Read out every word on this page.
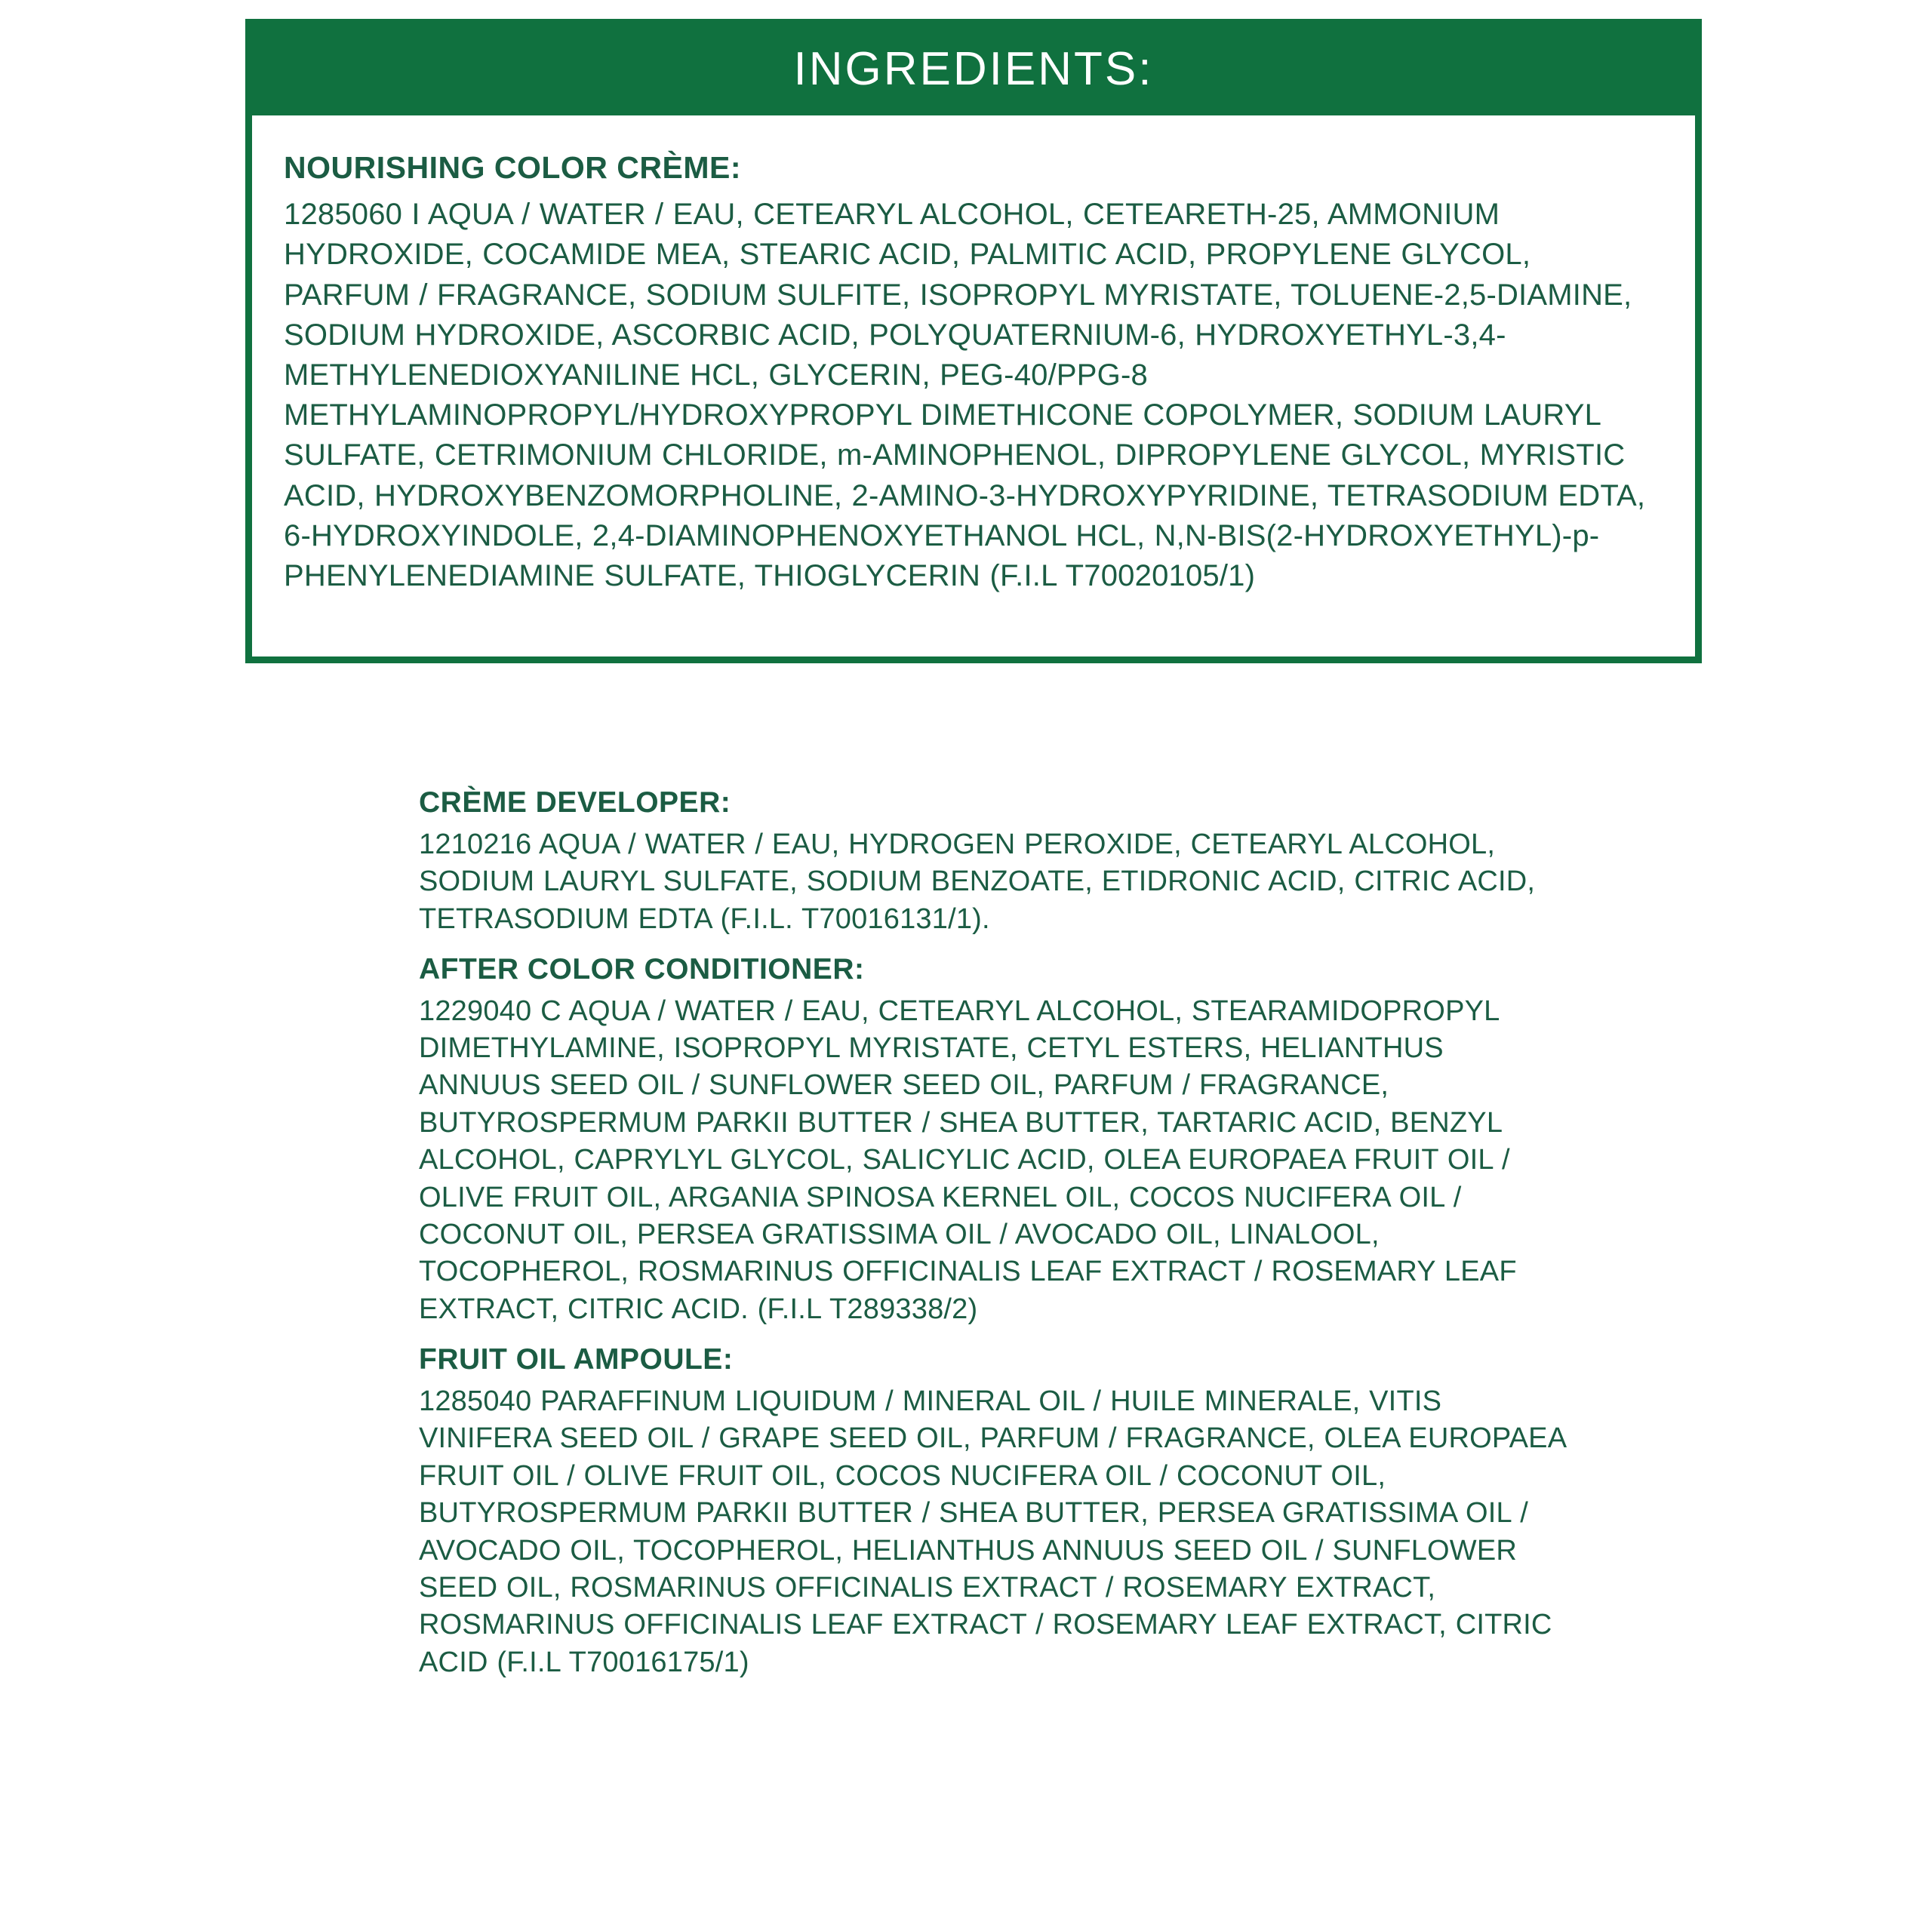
INGREDIENTS:
NOURISHING COLOR CRÈME:
1285060 I AQUA / WATER / EAU, CETEARYL ALCOHOL, CETEARETH-25, AMMONIUM HYDROXIDE, COCAMIDE MEA, STEARIC ACID, PALMITIC ACID, PROPYLENE GLYCOL, PARFUM / FRAGRANCE, SODIUM SULFITE, ISOPROPYL MYRISTATE, TOLUENE-2,5-DIAMINE, SODIUM HYDROXIDE, ASCORBIC ACID, POLYQUATERNIUM-6, HYDROXYETHYL-3,4-METHYLENEDIOXYANILINE HCL, GLYCERIN, PEG-40/PPG-8 METHYLAMINOPROPYL/HYDROXYPROPYL DIMETHICONE COPOLYMER, SODIUM LAURYL SULFATE, CETRIMONIUM CHLORIDE, m-AMINOPHENOL, DIPROPYLENE GLYCOL, MYRISTIC ACID, HYDROXYBENZOMORPHOLINE, 2-AMINO-3-HYDROXYPYRIDINE, TETRASODIUM EDTA, 6-HYDROXYINDOLE, 2,4-DIAMINOPHENOXYETHANOL HCL, N,N-BIS(2-HYDROXYETHYL)-p-PHENYLENEDIAMINE SULFATE, THIOGLYCERIN (F.I.L T70020105/1)
CRÈME DEVELOPER:
1210216 AQUA / WATER / EAU, HYDROGEN PEROXIDE, CETEARYL ALCOHOL, SODIUM LAURYL SULFATE, SODIUM BENZOATE, ETIDRONIC ACID, CITRIC ACID, TETRASODIUM EDTA (F.I.L. T70016131/1).
AFTER COLOR CONDITIONER:
1229040 C AQUA / WATER / EAU, CETEARYL ALCOHOL, STEARAMIDOPROPYL DIMETHYLAMINE, ISOPROPYL MYRISTATE, CETYL ESTERS, HELIANTHUS ANNUUS SEED OIL / SUNFLOWER SEED OIL, PARFUM / FRAGRANCE, BUTYROSPERMUM PARKII BUTTER / SHEA BUTTER, TARTARIC ACID, BENZYL ALCOHOL, CAPRYLYL GLYCOL, SALICYLIC ACID, OLEA EUROPAEA FRUIT OIL / OLIVE FRUIT OIL, ARGANIA SPINOSA KERNEL OIL, COCOS NUCIFERA OIL / COCONUT OIL, PERSEA GRATISSIMA OIL / AVOCADO OIL, LINALOOL, TOCOPHEROL, ROSMARINUS OFFICINALIS LEAF EXTRACT / ROSEMARY LEAF EXTRACT, CITRIC ACID. (F.I.L T289338/2)
FRUIT OIL AMPOULE:
1285040 PARAFFINUM LIQUIDUM / MINERAL OIL / HUILE MINERALE, VITIS VINIFERA SEED OIL / GRAPE SEED OIL, PARFUM / FRAGRANCE, OLEA EUROPAEA FRUIT OIL / OLIVE FRUIT OIL, COCOS NUCIFERA OIL / COCONUT OIL, BUTYROSPERMUM PARKII BUTTER / SHEA BUTTER, PERSEA GRATISSIMA OIL / AVOCADO OIL, TOCOPHEROL, HELIANTHUS ANNUUS SEED OIL / SUNFLOWER SEED OIL, ROSMARINUS OFFICINALIS EXTRACT / ROSEMARY EXTRACT, ROSMARINUS OFFICINALIS LEAF EXTRACT / ROSEMARY LEAF EXTRACT, CITRIC ACID (F.I.L T70016175/1)
